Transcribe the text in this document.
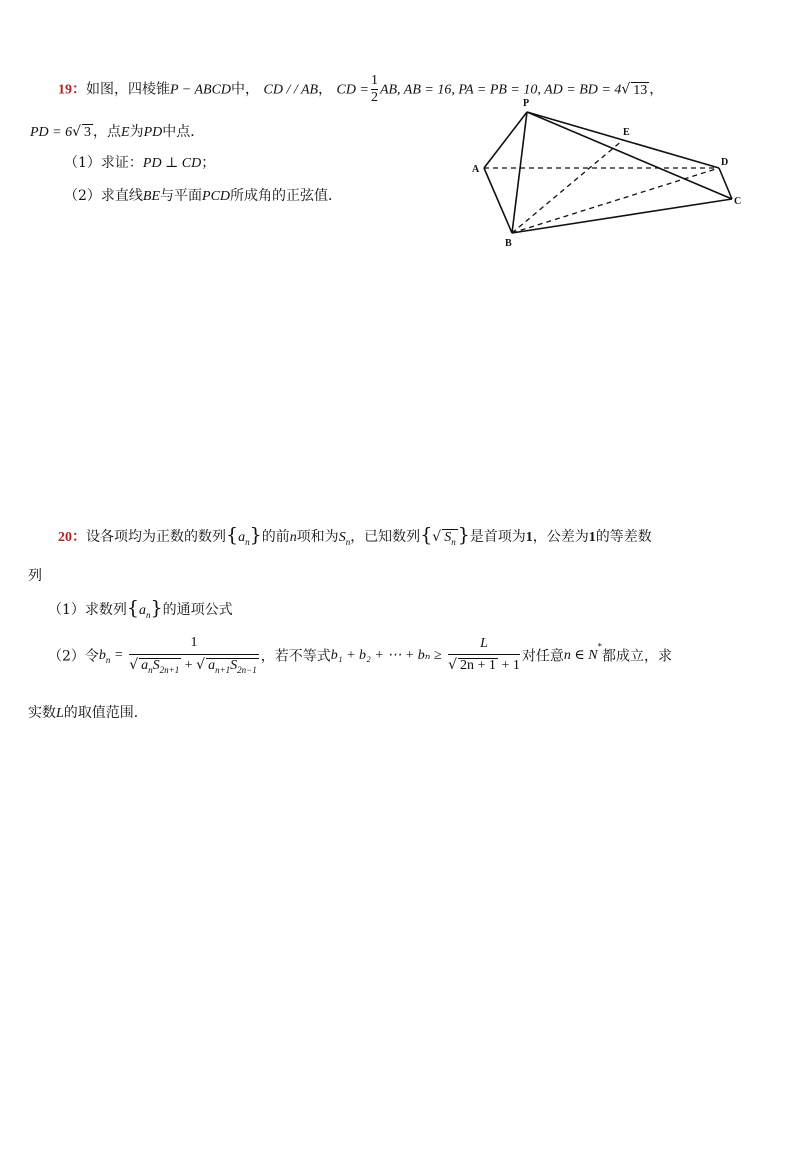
19：如图，四棱锥P − ABCD中， CD / / AB， CD = $\frac{1}{2}$ AB, AB = 16, PA = PB = 10, AD = BD = 4√ 13 ，
PD = 6√ 3 ，点E为PD中点．
（1）求证：PD ⊥ CD；
（2）求直线BE与平面PCD所成角的正弦值．
P
A
B
C
D
E
20：设各项均为正数的数列$\{a_n\}$的前n项和为$S_n$，已知数列{√ $S_n$ }是首项为1，公差为1的等差数
列
（1）求数列$\{a_n\}$的通项公式
（2）令$b_n = \frac{1}{√ a_nS_{2n+1} + √ a_{n+1}S_{2n-1}}$ ，若不等式b₁ + b₂ + ⋯ + $b_n \ge \frac{L}{√ 2n + 1 + 1}$ 对任意n ∈ N*都成立，求
实数L的取值范围．
